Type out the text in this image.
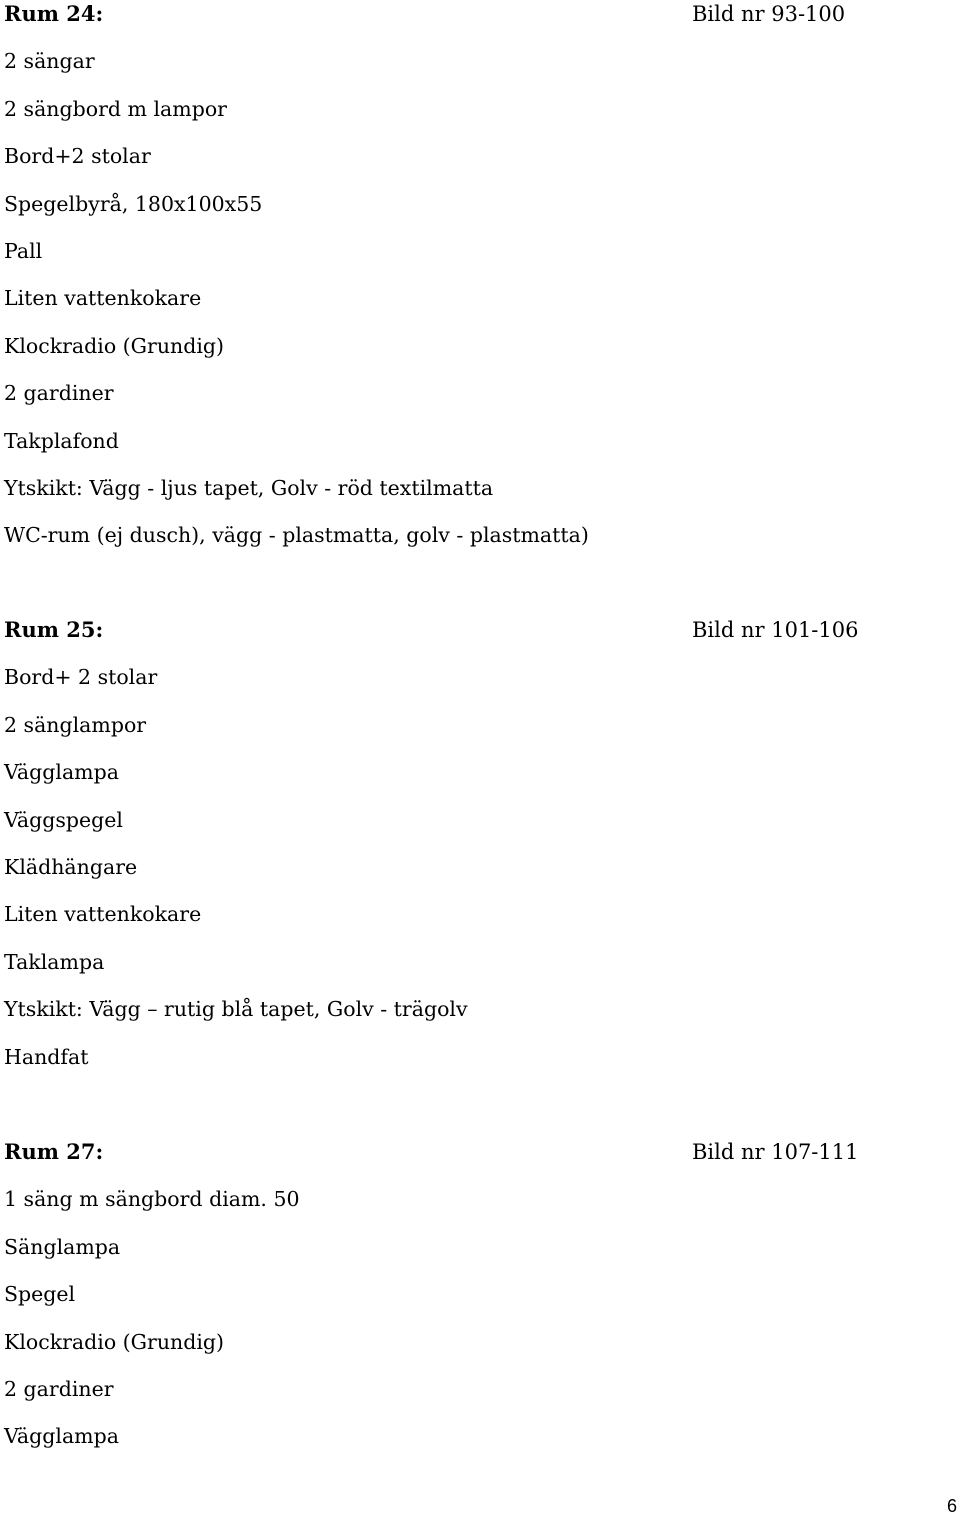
Rum 24:	Bild nr 93-100
2 sängar
2 sängbord m lampor
Bord+2 stolar
Spegelbyrå, 180x100x55
Pall
Liten vattenkokare
Klockradio (Grundig)
2 gardiner
Takplafond
Ytskikt: Vägg - ljus tapet, Golv - röd textilmatta
WC-rum (ej dusch), vägg - plastmatta, golv - plastmatta)
Rum 25:	Bild nr 101-106
Bord+ 2 stolar
2 sänglampor
Vägglampa
Väggspegel
Klädhängare
Liten vattenkokare
Taklampa
Ytskikt: Vägg – rutig blå tapet, Golv - trägolv
Handfat
Rum 27:	Bild nr 107-111
1 säng m sängbord diam. 50
Sänglampa
Spegel
Klockradio (Grundig)
2 gardiner
Vägglampa
6
